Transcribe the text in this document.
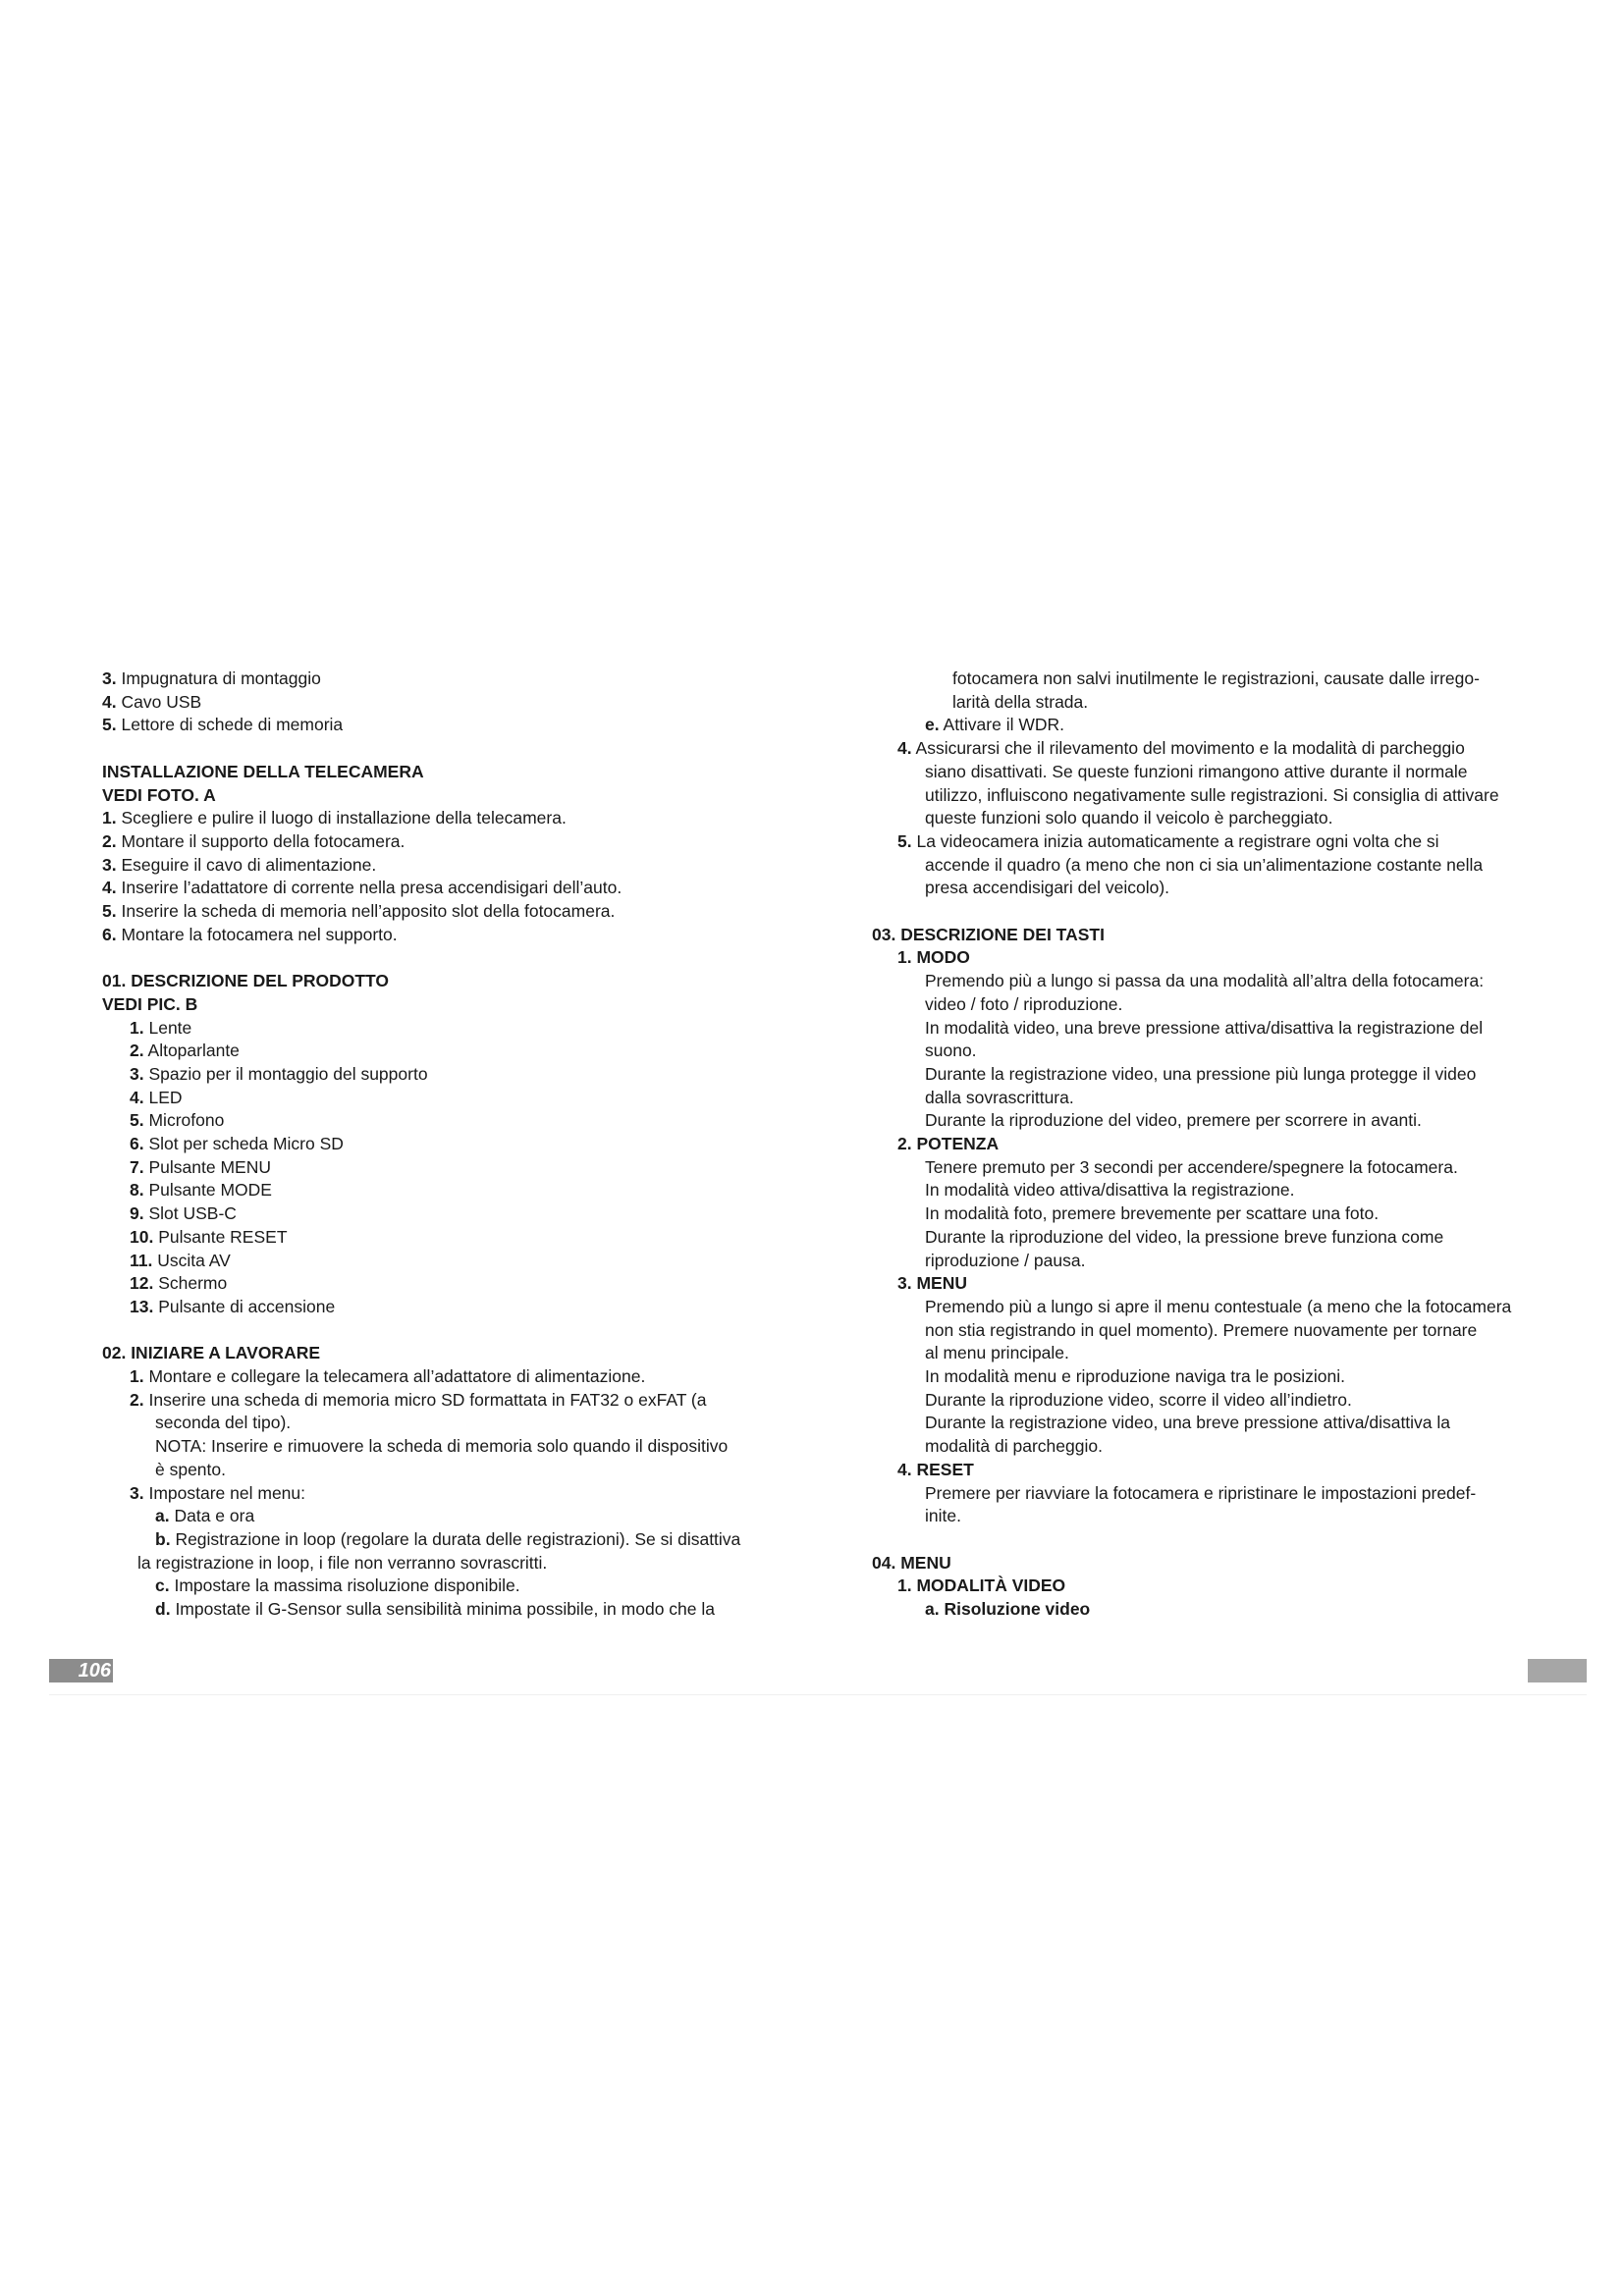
3. Impugnatura di montaggio
4. Cavo USB
5. Lettore di schede di memoria
INSTALLAZIONE DELLA TELECAMERA
VEDI FOTO. A
1. Scegliere e pulire il luogo di installazione della telecamera.
2. Montare il supporto della fotocamera.
3. Eseguire il cavo di alimentazione.
4. Inserire l’adattatore di corrente nella presa accendisigari dell’auto.
5. Inserire la scheda di memoria nell’apposito slot della fotocamera.
6. Montare la fotocamera nel supporto.
01. DESCRIZIONE DEL PRODOTTO
VEDI PIC. B
1. Lente
2. Altoparlante
3. Spazio per il montaggio del supporto
4. LED
5. Microfono
6. Slot per scheda Micro SD
7. Pulsante MENU
8. Pulsante MODE
9. Slot USB-C
10. Pulsante RESET
11. Uscita AV
12. Schermo
13. Pulsante di accensione
02. INIZIARE A LAVORARE
1. Montare e collegare la telecamera all’adattatore di alimentazione.
2. Inserire una scheda di memoria micro SD formattata in FAT32 o exFAT (a
seconda del tipo).
NOTA: Inserire e rimuovere la scheda di memoria solo quando il dispositivo
è spento.
3. Impostare nel menu:
a. Data e ora
b. Registrazione in loop (regolare la durata delle registrazioni). Se si disattiva
la registrazione in loop, i file non verranno sovrascritti.
c. Impostare la massima risoluzione disponibile.
d. Impostate il G-Sensor sulla sensibilità minima possibile, in modo che la
fotocamera non salvi inutilmente le registrazioni, causate dalle irrego-
larità della strada.
e. Attivare il WDR.
4. Assicurarsi che il rilevamento del movimento e la modalità di parcheggio
siano disattivati. Se queste funzioni rimangono attive durante il normale
utilizzo, influiscono negativamente sulle registrazioni. Si consiglia di attivare
queste funzioni solo quando il veicolo è parcheggiato.
5. La videocamera inizia automaticamente a registrare ogni volta che si
accende il quadro (a meno che non ci sia un’alimentazione costante nella
presa accendisigari del veicolo).
03. DESCRIZIONE DEI TASTI
1. MODO
Premendo più a lungo si passa da una modalità all’altra della fotocamera:
video / foto / riproduzione.
In modalità video, una breve pressione attiva/disattiva la registrazione del
suono.
Durante la registrazione video, una pressione più lunga protegge il video
dalla sovrascrittura.
Durante la riproduzione del video, premere per scorrere in avanti.
2. POTENZA
Tenere premuto per 3 secondi per accendere/spegnere la fotocamera.
In modalità video attiva/disattiva la registrazione.
In modalità foto, premere brevemente per scattare una foto.
Durante la riproduzione del video, la pressione breve funziona come
riproduzione / pausa.
3. MENU
Premendo più a lungo si apre il menu contestuale (a meno che la fotocamera
non stia registrando in quel momento). Premere nuovamente per tornare
al menu principale.
In modalità menu e riproduzione naviga tra le posizioni.
Durante la riproduzione video, scorre il video all’indietro.
Durante la registrazione video, una breve pressione attiva/disattiva la
modalità di parcheggio.
4. RESET
Premere per riavviare la fotocamera e ripristinare le impostazioni predef-
inite.
04. MENU
1. MODALITÀ VIDEO
a. Risoluzione video
106
